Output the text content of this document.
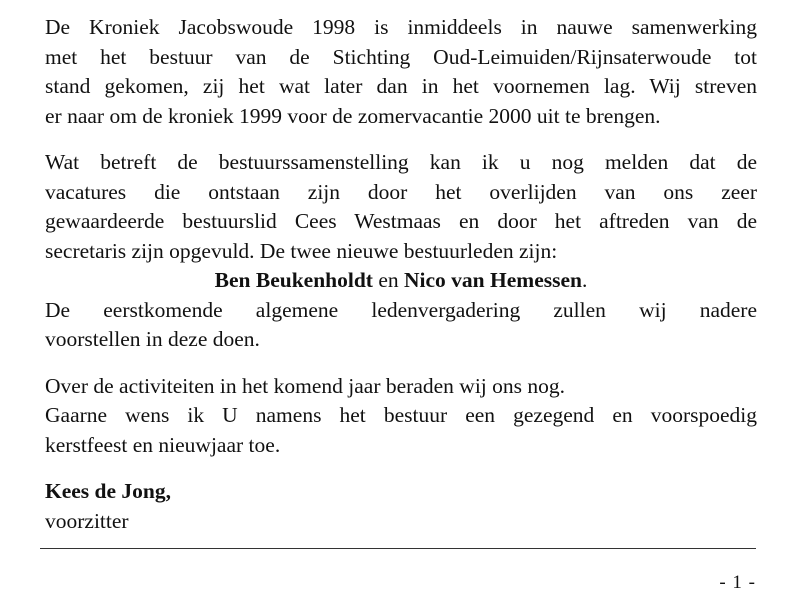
De Kroniek Jacobswoude 1998 is inmiddeels in nauwe samenwerking
met het bestuur van de Stichting Oud-Leimuiden/Rijnsaterwoude tot
stand gekomen, zij het wat later dan in het voornemen lag. Wij streven
er naar om de kroniek 1999 voor de zomervacantie 2000 uit te brengen.

Wat betreft de bestuurssamenstelling kan ik u nog melden dat de
vacatures die ontstaan zijn door het overlijden van ons zeer
gewaardeerde bestuurslid Cees Westmaas en door het aftreden van de
secretaris zijn opgevuld. De twee nieuwe bestuurleden zijn:
Ben Beukenholdt en Nico van Hemessen.
De eerstkomende algemene ledenvergadering zullen wij nadere
voorstellen in deze doen.

Over de activiteiten in het komend jaar beraden wij ons nog.
Gaarne wens ik U namens het bestuur een gezegend en voorspoedig
kerstfeest en nieuwjaar toe.

Kees de Jong,
voorzitter
- 1 -
